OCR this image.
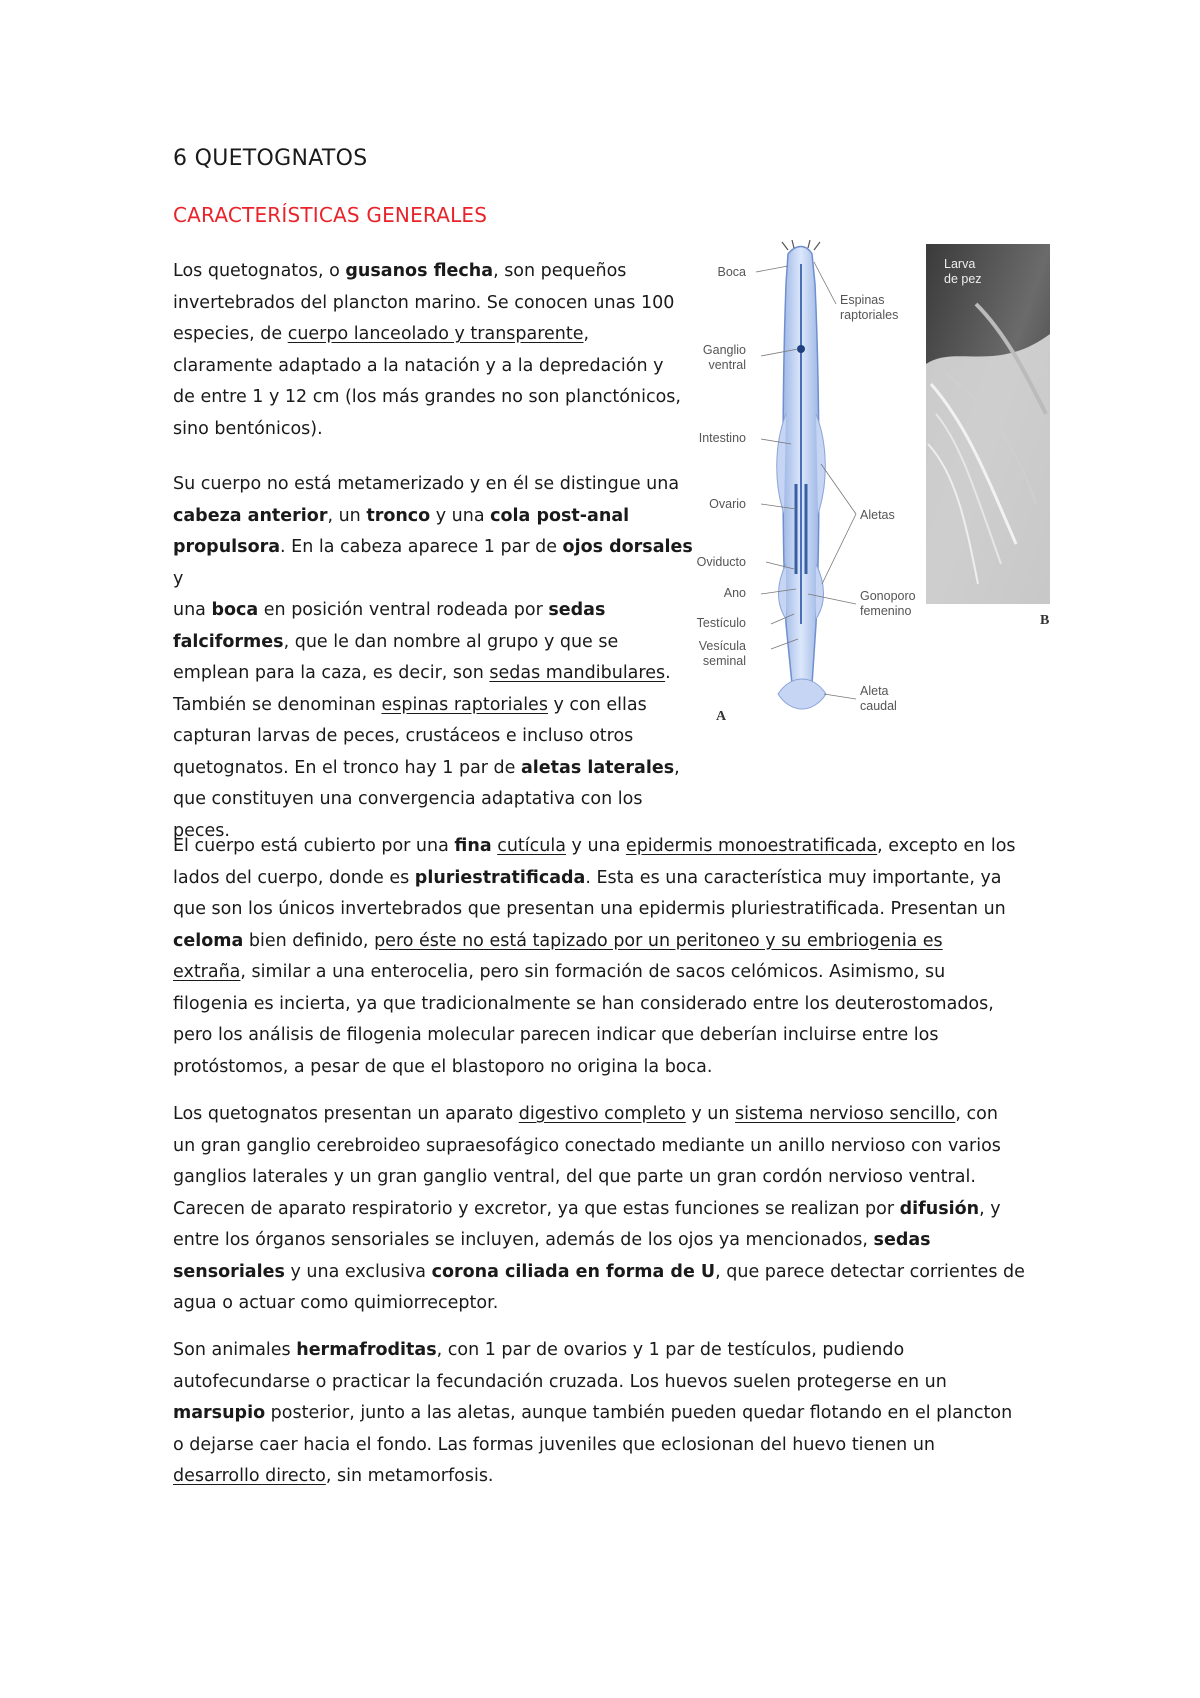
6 QUETOGNATOS
CARACTERÍSTICAS GENERALES

Los quetognatos, o gusanos flecha, son pequeños

invertebrados del plancton marino. Se conocen unas 100

especies, de cuerpo lanceolado y transparente,

claramente adaptado a la natación y a la depredación y

de entre 1 y 12 cm (los más grandes no son planctónicos,

sino bentónicos).

Su cuerpo no está metamerizado y en él se distingue una

cabeza anterior, un tronco y una cola post-anal

propulsora. En la cabeza aparece 1 par de ojos dorsales y

una boca en posición ventral rodeada por sedas

falciformes, que le dan nombre al grupo y que se

emplean para la caza, es decir, son sedas mandibulares.

También se denominan espinas raptoriales y con ellas

capturan larvas de peces, crustáceos e incluso otros

quetognatos. En el tronco hay 1 par de aletas laterales,

que constituyen una convergencia adaptativa con los

peces.

El cuerpo está cubierto por una fina cutícula y una epidermis monoestratificada, excepto en los

lados del cuerpo, donde es pluriestratificada. Esta es una característica muy importante, ya

que son los únicos invertebrados que presentan una epidermis pluriestratificada. Presentan un

celoma bien definido, pero éste no está tapizado por un peritoneo y su embriogenia es

extraña, similar a una enterocelia, pero sin formación de sacos celómicos. Asimismo, su

filogenia es incierta, ya que tradicionalmente se han considerado entre los deuterostomados,

pero los análisis de filogenia molecular parecen indicar que deberían incluirse entre los

protóstomos, a pesar de que el blastoporo no origina la boca.

Los quetognatos presentan un aparato digestivo completo y un sistema nervioso sencillo, con

un gran ganglio cerebroideo supraesofágico conectado mediante un anillo nervioso con varios

ganglios laterales y un gran ganglio ventral, del que parte un gran cordón nervioso ventral.

Carecen de aparato respiratorio y excretor, ya que estas funciones se realizan por difusión, y

entre los órganos sensoriales se incluyen, además de los ojos ya mencionados, sedas

sensoriales y una exclusiva corona ciliada en forma de U, que parece detectar corrientes de

agua o actuar como quimiorreceptor.

Son animales hermafroditas, con 1 par de ovarios y 1 par de testículos, pudiendo

autofecundarse o practicar la fecundación cruzada. Los huevos suelen protegerse en un

marsupio posterior, junto a las aletas, aunque también pueden quedar flotando en el plancton

o dejarse caer hacia el fondo. Las formas juveniles que eclosionan del huevo tienen un

desarrollo directo, sin metamorfosis.

Boca
Ganglio
ventral
Intestino
Ovario
Oviducto
Ano
Testículo
Vesícula
seminal
Espinas
raptoriales
Aletas
Gonoporo
femenino
Aleta
caudal
Larva
de pez
A
B
